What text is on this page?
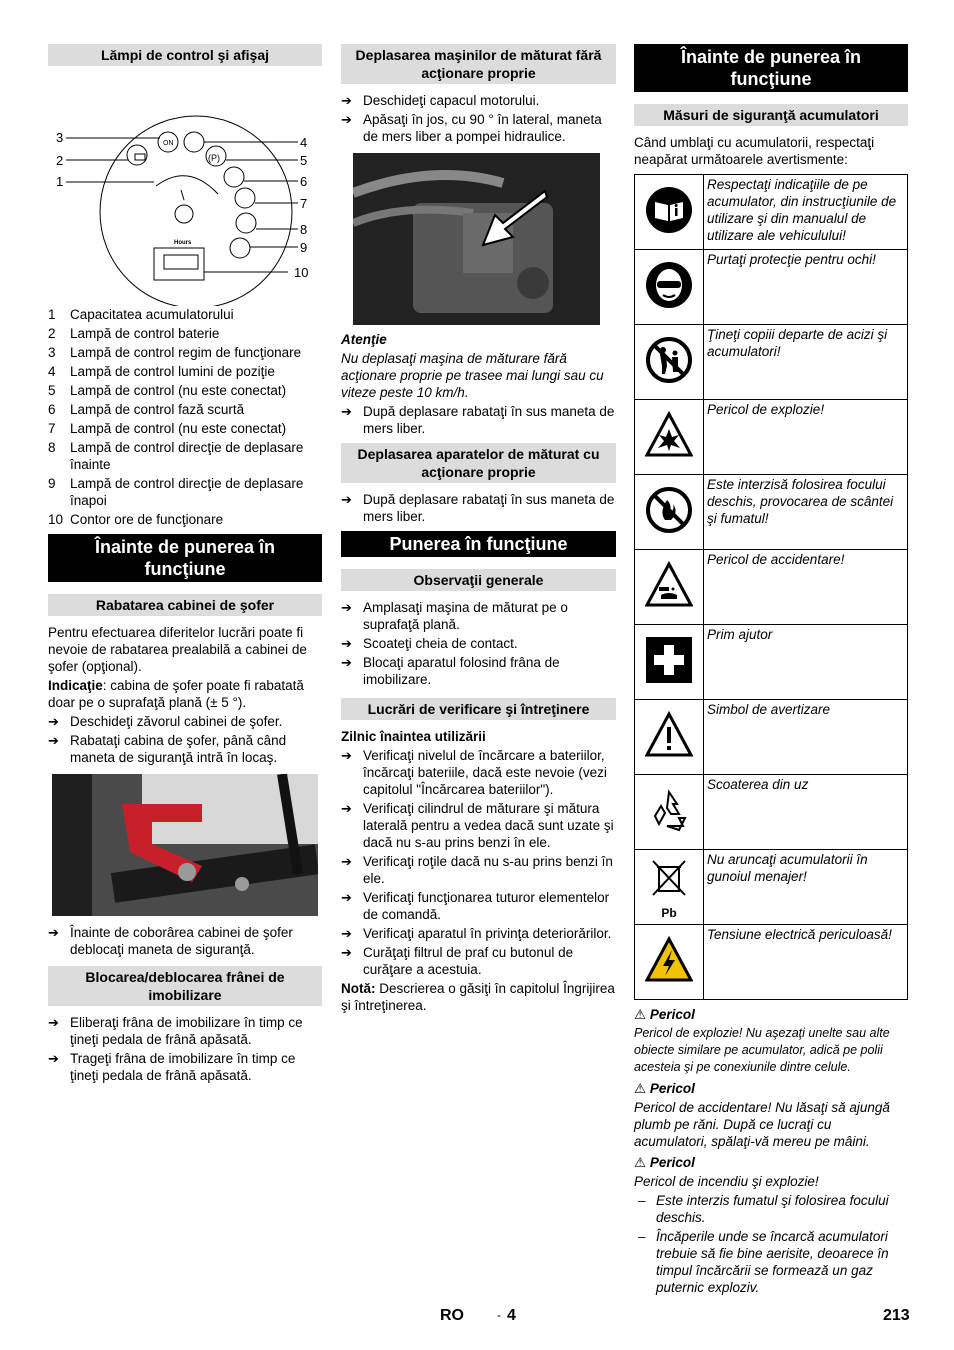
Lămpi de control şi afişaj
ON
(P)
Hours
3
2
1
4
5
6
7
8
9
10
1 Capacitatea acumulatorului
2 Lampă de control baterie
3 Lampă de control regim de funcţionare
4 Lampă de control lumini de poziţie
5 Lampă de control (nu este conectat)
6 Lampă de control fază scurtă
7 Lampă de control (nu este conectat)
8 Lampă de control direcţie de deplasare înainte
9 Lampă de control direcţie de deplasare înapoi
10 Contor ore de funcţionare
Înainte de punerea în funcţiune
Rabatarea cabinei de şofer

Pentru efectuarea diferitelor lucrări poate fi nevoie de rabatarea prealabilă a cabinei de şofer (opţional).

Indicaţie: cabina de şofer poate fi rabatată doar pe o suprafaţă plană (± 5 °).

➔ Deschideţi zăvorul cabinei de şofer.
➔ Rabataţi cabina de şofer, până când maneta de siguranţă intră în locaş.
➔ Înainte de coborârea cabinei de şofer deblocaţi maneta de siguranţă.
Blocarea/deblocarea frânei de imobilizare
➔ Eliberaţi frâna de imobilizare în timp ce ţineţi pedala de frână apăsată.
➔ Trageţi frâna de imobilizare în timp ce ţineţi pedala de frână apăsată.
Deplasarea maşinilor de măturat fără acţionare proprie
➔ Deschideţi capacul motorului.
➔ Apăsaţi în jos, cu 90 ° în lateral, maneta de mers liber a pompei hidraulice.

Atenţie

Nu deplasaţi maşina de măturare fără acţionare proprie pe trasee mai lungi sau cu viteze peste 10 km/h.

➔ După deplasare rabataţi în sus maneta de mers liber.
Deplasarea aparatelor de măturat cu acţionare proprie
➔ După deplasare rabataţi în sus maneta de mers liber.
Punerea în funcţiune
Observaţii generale
➔ Amplasaţi maşina de măturat pe o suprafaţă plană.
➔ Scoateţi cheia de contact.
➔ Blocaţi aparatul folosind frâna de imobilizare.
Lucrări de verificare şi întreţinere

Zilnic înaintea utilizării

➔ Verificaţi nivelul de încărcare a bateriilor, încărcaţi bateriile, dacă este nevoie (vezi capitolul "Încărcarea bateriilor").
➔ Verificaţi cilindrul de măturare şi mătura laterală pentru a vedea dacă sunt uzate şi dacă nu s-au prins benzi în ele.
➔ Verificaţi roţile dacă nu s-au prins benzi în ele.
➔ Verificaţi funcţionarea tuturor elementelor de comandă.
➔ Verificaţi aparatul în privinţa deteriorărilor.
➔ Curăţaţi filtrul de praf cu butonul de curăţare a acestuia.

Notă: Descrierea o găsiţi în capitolul Îngrijirea şi întreţinerea.

Înainte de punerea în funcţiune
Măsuri de siguranţă acumulatori

Când umblaţi cu acumulatorii, respectaţi neapărat următoarele avertismente:

	Respectaţi indicaţiile de pe acumulator, din instrucţiunile de utilizare şi din manualul de utilizare ale vehiculului!

	Purtaţi protecţie pentru ochi!

	Ţineţi copiii departe de acizi şi acumulatori!

	Pericol de explozie!

	Este interzisă folosirea focului deschis, provocarea de scântei şi fumatul!

	Pericol de accidentare!

	Prim ajutor

	Simbol de avertizare

	Scoaterea din uz

Pb	Nu aruncaţi acumulatorii în gunoiul menajer!

	Tensiune electrică periculoasă!

⚠ Pericol

Pericol de explozie! Nu aşezaţi unelte sau alte obiecte similare pe acumulator, adică pe polii acesteia şi pe conexiunile dintre celule.

⚠ Pericol

Pericol de accidentare! Nu lăsaţi să ajungă plumb pe răni. După ce lucraţi cu acumulatori, spălaţi-vă mereu pe mâini.

⚠ Pericol

Pericol de incendiu şi explozie!

– Este interzis fumatul şi folosirea focului deschis.
– Încăperile unde se încarcă acumulatori trebuie să fie bine aerisite, deoarece în timpul încărcării se formează un gaz puternic exploziv.
RO	- 4	213
